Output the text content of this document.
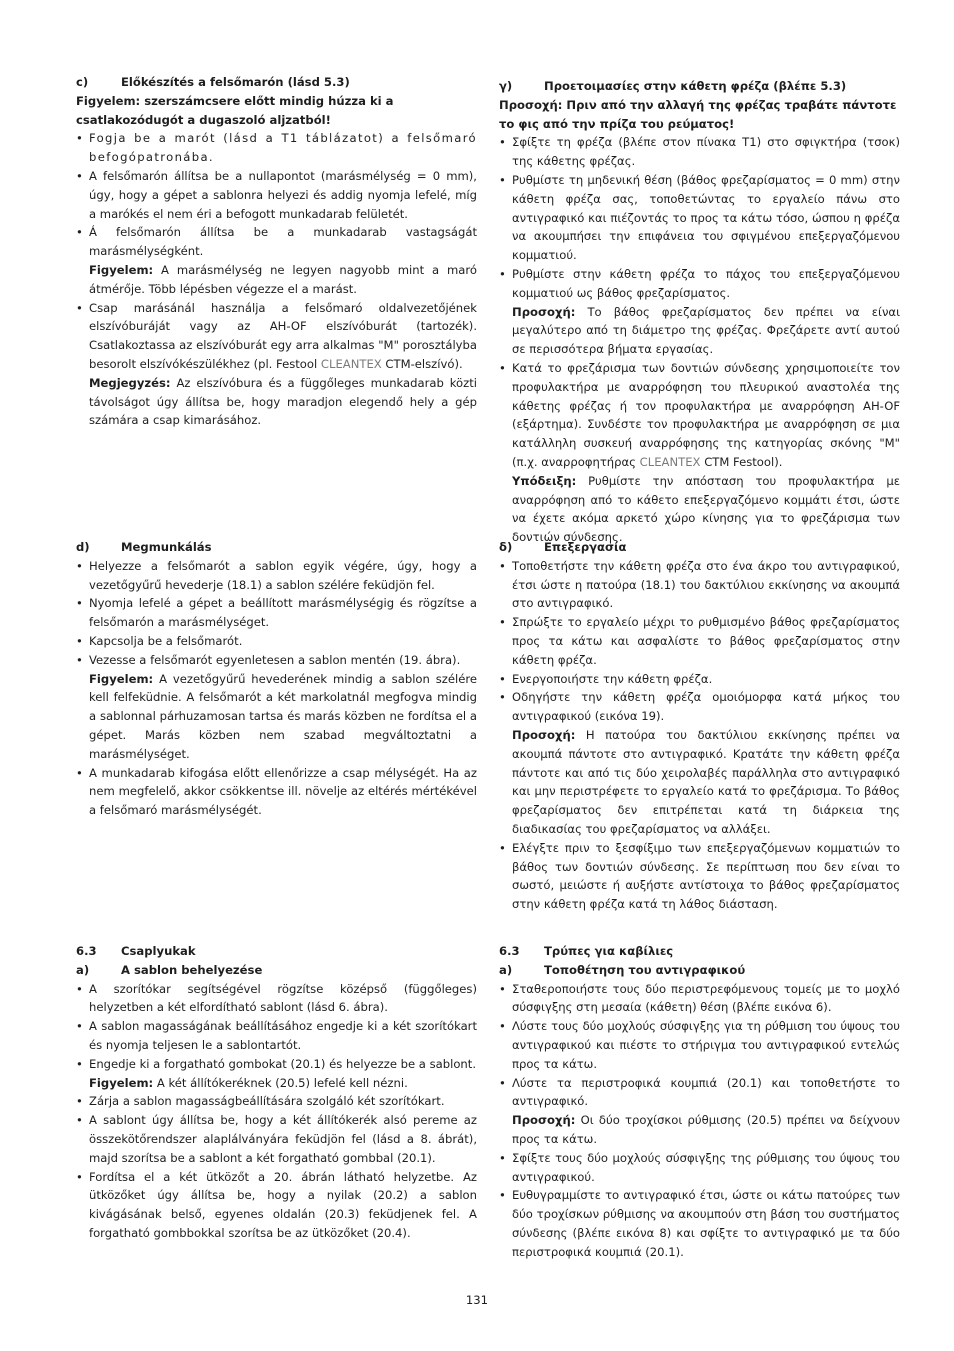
c)	Előkészítés a felsőmarón (lásd 5.3)
Figyelem: szerszámcsere előtt mindig húzza ki a csatlakozódugót a dugaszoló aljzatból!
• Fogja be a marót (lásd a T1 táblázatot) a felsőmaró befogópatronába.
• A felsőmarón állítsa be a nullapontot (marásmélység = 0 mm), úgy, hogy a gépet a sablonra helyezi és addig nyomja lefelé, míg a marókés el nem éri a befogott munkadarab felületét.
• Á felsőmarón állítsa be a munkadarab vastagságát marásmélységként.
Figyelem: A marásmélység ne legyen nagyobb mint a maró átmérője. Több lépésben végezze el a marást.
• Csap marásánál használja a felsőmaró oldalvezetőjének elszívóburáját vagy az AH-OF elszívóburát (tartozék). Csatlakoztassa az elszívóburát egy arra alkalmas "M" porosztályba besorolt elszívókészülékhez (pl. Festool CLEANTEX CTM-elszívó).
Megjegyzés: Az elszívóbura és a függőleges munkadarab közti távolságot úgy állítsa be, hogy maradjon elegendő hely a gép számára a csap kimarásához.
γ)	Προετοιμασίες στην κάθετη φρέζα (βλέπε 5.3)
Προσοχή: Πριν από την αλλαγή της φρέζας τραβάτε πάντοτε το φις από την πρίζα του ρεύματος!
• Σφίξτε τη φρέζα (βλέπε στον πίνακα Τ1) στο σφιγκτήρα (τσοκ) της κάθετης φρέζας.
• Ρυθμίστε τη μηδενική θέση (βάθος φρεζαρίσματος = 0 mm) στην κάθετη φρέζα σας, τοποθετώντας το εργαλείο πάνω στο αντιγραφικό και πιέζοντάς το προς τα κάτω τόσο, ώσπου η φρέζα να ακουμπήσει την επιφάνεια του σφιγμένου επεξεργαζόμενου κομματιού.
• Ρυθμίστε στην κάθετη φρέζα το πάχος του επεξεργαζόμενου κομματιού ως βάθος φρεζαρίσματος.
Προσοχή: Το βάθος φρεζαρίσματος δεν πρέπει να είναι μεγαλύτερο από τη διάμετρο της φρέζας. Φρεζάρετε αντί αυτού σε περισσότερα βήματα εργασίας.
• Κατά το φρεζάρισμα των δοντιών σύνδεσης χρησιμοποιείτε τον προφυλακτήρα με αναρρόφηση του πλευρικού αναστολέα της κάθετης φρέζας ή τον προφυλακτήρα με αναρρόφηση AH-OF (εξάρτημα). Συνδέστε τον προφυλακτήρα με αναρρόφηση σε μια κατάλληλη συσκευή αναρρόφησης της κατηγορίας σκόνης "M" (π.χ. αναρροφητήρας CLEANTEX CTM Festool).
Υπόδειξη: Ρυθμίστε την απόσταση του προφυλακτήρα με αναρρόφηση από το κάθετο επεξεργαζόμενο κομμάτι έτσι, ώστε να έχετε ακόμα αρκετό χώρο κίνησης για το φρεζάρισμα των δοντιών σύνδεσης.
d)	Megmunkálás
• Helyezze a felsőmarót a sablon egyik végére, úgy, hogy a vezetőgyűrű hevederje (18.1) a sablon szélére feküdjön fel.
• Nyomja lefelé a gépet a beállított marásmélységig és rögzítse a felsőmarón a marásmélységet.
• Kapcsolja be a felsőmarót.
• Vezesse a felsőmarót egyenletesen a sablon mentén (19. ábra).
Figyelem: A vezetőgyűrű hevederének mindig a sablon szélére kell felfeküdnie. A felsőmarót a két markolatnál megfogva mindig a sablonnal párhuzamosan tartsa és marás közben ne fordítsa el a gépet. Marás közben nem szabad megváltoztatni a marásmélységet.
• A munkadarab kifogása előtt ellenőrizze a csap mélységét. Ha az nem megfelelő, akkor csökkentse ill. növelje az eltérés mértékével a felsőmaró marásmélységét.
δ)	Επεξεργασία
• Τοποθετήστε την κάθετη φρέζα στο ένα άκρο του αντιγραφικού, έτσι ώστε η πατούρα (18.1) του δακτύλιου εκκίνησης να ακουμπά στο αντιγραφικό.
• Σπρώξτε το εργαλείο μέχρι το ρυθμισμένο βάθος φρεζαρίσματος προς τα κάτω και ασφαλίστε το βάθος φρεζαρίσματος στην κάθετη φρέζα.
• Ενεργοποιήστε την κάθετη φρέζα.
• Οδηγήστε την κάθετη φρέζα ομοιόμορφα κατά μήκος του αντιγραφικού (εικόνα 19).
Προσοχή: Η πατούρα του δακτύλιου εκκίνησης πρέπει να ακουμπά πάντοτε στο αντιγραφικό. Κρατάτε την κάθετη φρέζα πάντοτε και από τις δύο χειρολαβές παράλληλα στο αντιγραφικό και μην περιστρέφετε το εργαλείο κατά το φρεζάρισμα. Το βάθος φρεζαρίσματος δεν επιτρέπεται κατά τη διάρκεια της διαδικασίας του φρεζαρίσματος να αλλάξει.
• Ελέγξτε πριν το ξεσφίξιμο των επεξεργαζόμενων κομματιών το βάθος των δοντιών σύνδεσης. Σε περίπτωση που δεν είναι το σωστό, μειώστε ή αυξήστε αντίστοιχα το βάθος φρεζαρίσματος στην κάθετη φρέζα κατά τη λάθος διάσταση.
6.3	Csaplyukak
a)	A sablon behelyezése
• A szorítókar segítségével rögzítse középső (függőleges) helyzetben a két elfordítható sablont (lásd 6. ábra).
• A sablon magasságának beállításához engedje ki a két szorítókart és nyomja teljesen le a sablontartót.
• Engedje ki a forgatható gombokat (20.1) és helyezze be a sablont.
Figyelem: A két állítókeréknek (20.5) lefelé kell nézni.
• Zárja a sablon magasságbeállítására szolgáló két szorítókart.
• A sablont úgy állítsa be, hogy a két állítókerék alsó pereme az összekötőrendszer alaplálványára feküdjön fel (lásd a 8. ábrát), majd szorítsa be a sablont a két forgatható gombbal (20.1).
• Fordítsa el a két ütközőt a 20. ábrán látható helyzetbe. Az ütközőket úgy állítsa be, hogy a nyilak (20.2) a sablon kivágásának belső, egyenes oldalán (20.3) feküdjenek fel. A forgatható gombbokkal szorítsa be az ütközőket (20.4).
6.3	Τρύπες για καβίλιες
a)	Τοποθέτηση του αντιγραφικού
• Σταθεροποιήστε τους δύο περιστρεφόμενους τομείς με το μοχλό σύσφιγξης στη μεσαία (κάθετη) θέση (βλέπε εικόνα 6).
• Λύστε τους δύο μοχλούς σύσφιγξης για τη ρύθμιση του ύψους του αντιγραφικού και πιέστε το στήριγμα του αντιγραφικού εντελώς προς τα κάτω.
• Λύστε τα περιστροφικά κουμπιά (20.1) και τοποθετήστε το αντιγραφικό.
Προσοχή: Οι δύο τροχίσκοι ρύθμισης (20.5) πρέπει να δείχνουν προς τα κάτω.
• Σφίξτε τους δύο μοχλούς σύσφιγξης της ρύθμισης του ύψους του αντιγραφικού.
• Ευθυγραμμίστε το αντιγραφικό έτσι, ώστε οι κάτω πατούρες των δύο τροχίσκων ρύθμισης να ακουμπούν στη βάση του συστήματος σύνδεσης (βλέπε εικόνα 8) και σφίξτε το αντιγραφικό με τα δύο περιστροφικά κουμπιά (20.1).
131
